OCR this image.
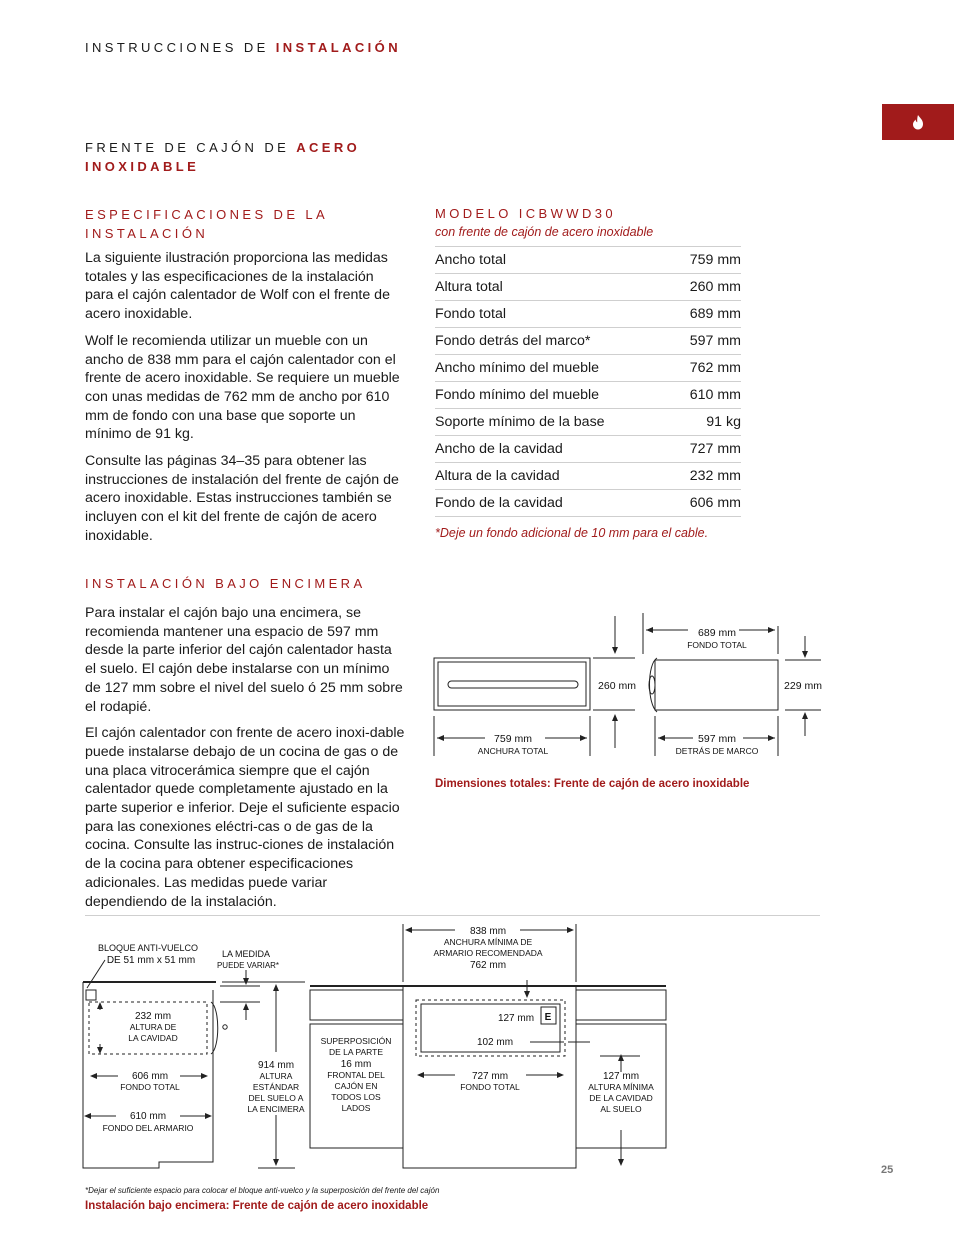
INSTRUCCIONES DE INSTALACIÓN
FRENTE DE CAJÓN DE ACERO
INOXIDABLE
ESPECIFICACIONES DE LA
INSTALACIÓN

La siguiente ilustración proporciona las medidas totales y las especificaciones de la instalación para el cajón calentador de Wolf con el frente de acero inoxidable.

Wolf le recomienda utilizar un mueble con un ancho de 838 mm para el cajón calentador con el frente de acero inoxidable. Se requiere un mueble con unas medidas de 762 mm de ancho por 610 mm de fondo con una base que soporte un mínimo de 91 kg.

Consulte las páginas 34–35 para obtener las instrucciones de instalación del frente de cajón de acero inoxidable. Estas instrucciones también se incluyen con el kit del frente de cajón de acero inoxidable.

INSTALACIÓN BAJO ENCIMERA

Para instalar el cajón bajo una encimera, se recomienda mantener una espacio de 597 mm desde la parte inferior del cajón calentador hasta el suelo. El cajón debe instalarse con un mínimo de 127 mm sobre el nivel del suelo ó 25 mm sobre el rodapié.

El cajón calentador con frente de acero inoxi-dable puede instalarse debajo de un cocina de gas o de una placa vitrocerámica siempre que el cajón calentador quede completamente ajustado en la parte superior e inferior. Deje el suficiente espacio para las conexiones eléctri-cas o de gas de la cocina. Consulte las instruc-ciones de instalación de la cocina para obtener especificaciones adicionales. Las medidas puede variar dependiendo de la instalación.

MODELO ICBWWD30
con frente de cajón de acero inoxidable
Ancho total	759 mm
Altura total	260 mm
Fondo total	689 mm
Fondo detrás del marco*	597 mm
Ancho mínimo del mueble	762 mm
Fondo mínimo del mueble	610 mm
Soporte mínimo de la base	91 kg
Ancho de la cavidad	727 mm
Altura de la cavidad	232 mm
Fondo de la cavidad	606 mm
*Deje un fondo adicional de 10 mm para el cable.
689 mm
FONDO TOTAL
260 mm	229 mm
759 mm
ANCHURA TOTAL
597 mm
DETRÁS DE MARCO
Dimensiones totales: Frente de cajón de acero inoxidable
BLOQUE ANTI-VUELCO
DE 51 mm x 51 mm
LA MEDIDA
PUEDE VARIAR*
232 mm
ALTURA DE
LA CAVIDAD
606 mm
FONDO TOTAL
610 mm
FONDO DEL ARMARIO
914 mm
ALTURA
ESTÁNDAR
DEL SUELO A
LA ENCIMERA
838 mm
ANCHURA MÍNIMA DE
ARMARIO RECOMENDADA
762 mm
SUPERPOSICIÓN
DE LA PARTE
16 mm
FRONTAL DEL
CAJÓN EN
TODOS LOS
LADOS
127 mm E
102 mm
727 mm
FONDO TOTAL
127 mm
ALTURA MÍNIMA
DE LA CAVIDAD
AL SUELO
*Dejar el suficiente espacio para colocar el bloque anti-vuelco y la superposición del frente del cajón
Instalación bajo encimera: Frente de cajón de acero inoxidable
25
